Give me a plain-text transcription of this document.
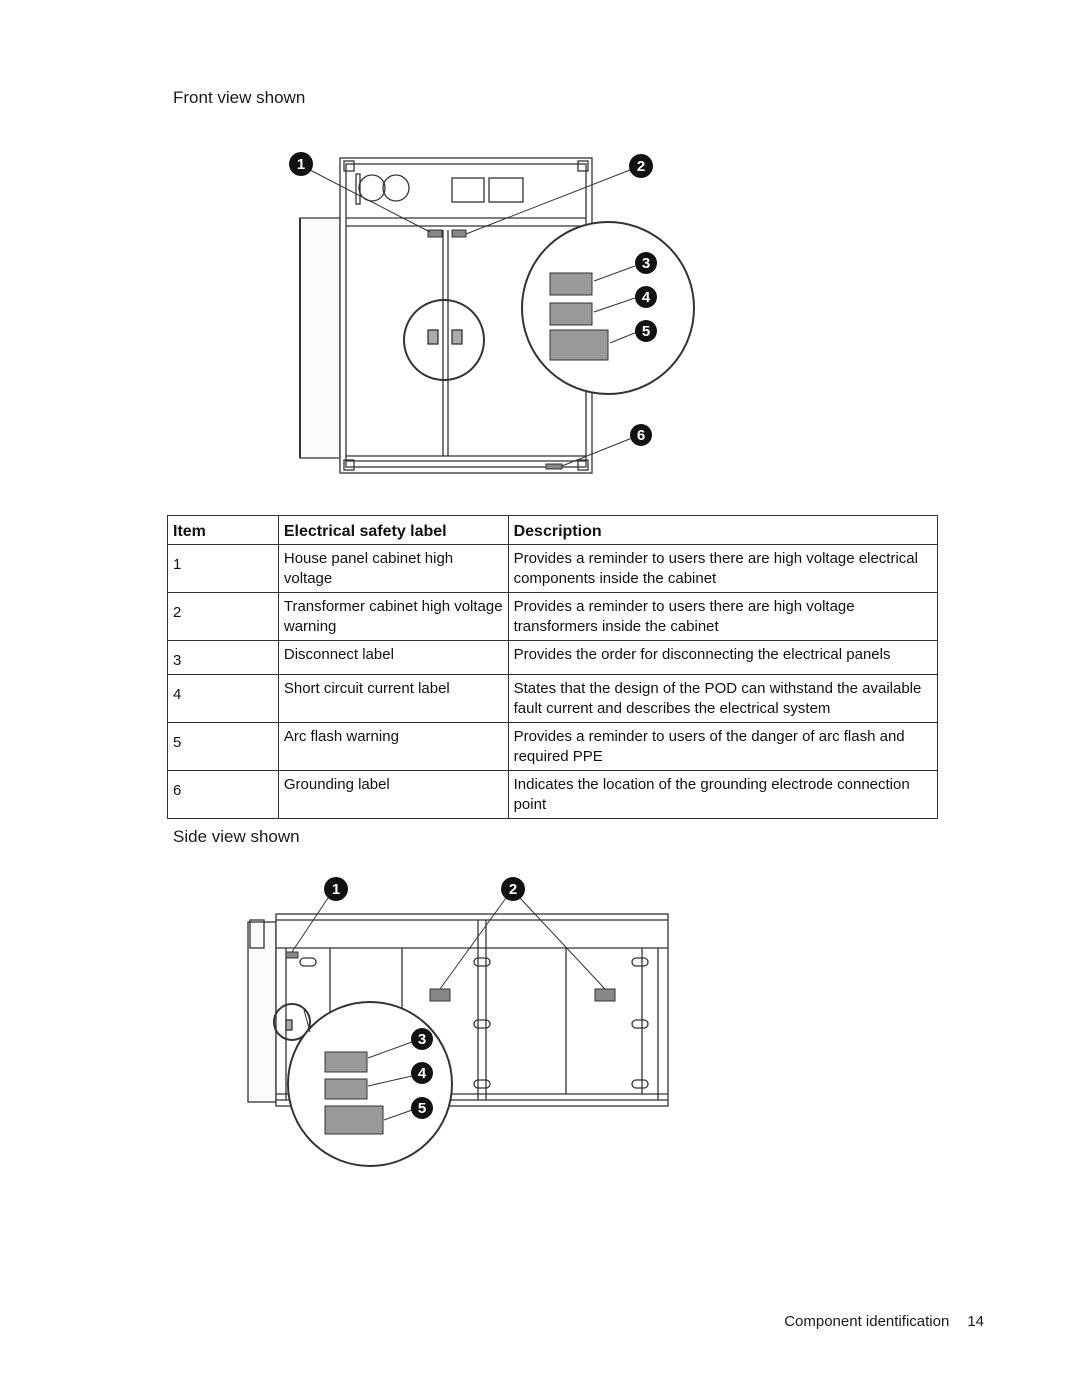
Front view shown
1	2
3
4
5
6
Item	Electrical safety label	Description
1	House panel cabinet high voltage	Provides a reminder to users there are high voltage electrical components inside the cabinet
2	Transformer cabinet high voltage warning	Provides a reminder to users there are high voltage transformers inside the cabinet
3	Disconnect label	Provides the order for disconnecting the electrical panels
4	Short circuit current label	States that the design of the POD can withstand the available fault current and describes the electrical system
5	Arc flash warning	Provides a reminder to users of the danger of arc flash and required PPE
6	Grounding label	Indicates the location of the grounding electrode connection point
Side view shown
1	2
3
4
5
Component identification 14
